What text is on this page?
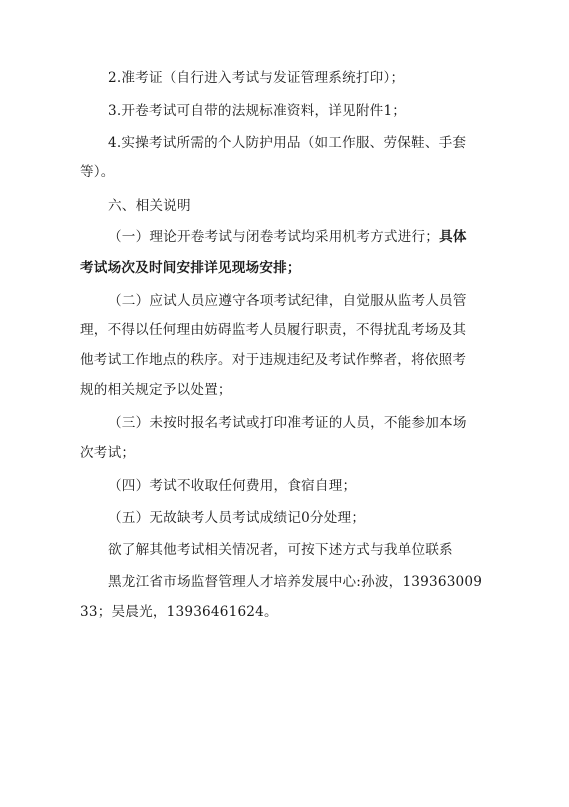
2.准考证（自行进入考试与发证管理系统打印）；
3.开卷考试可自带的法规标准资料，详见附件1；
4.实操考试所需的个人防护用品（如工作服、劳保鞋、手套
等）。
六、相关说明
（一）理论开卷考试与闭卷考试均采用机考方式进行；具体
考试场次及时间安排详见现场安排；
（二）应试人员应遵守各项考试纪律，自觉服从监考人员管
理，不得以任何理由妨碍监考人员履行职责，不得扰乱考场及其
他考试工作地点的秩序。对于违规违纪及考试作弊者，将依照考
规的相关规定予以处置；
（三）未按时报名考试或打印准考证的人员，不能参加本场
次考试；
（四）考试不收取任何费用，食宿自理；
（五）无故缺考人员考试成绩记0分处理；
欲了解其他考试相关情况者，可按下述方式与我单位联系
黑龙江省市场监督管理人才培养发展中心:孙波，139363009
33；吴晨光，13936461624。
